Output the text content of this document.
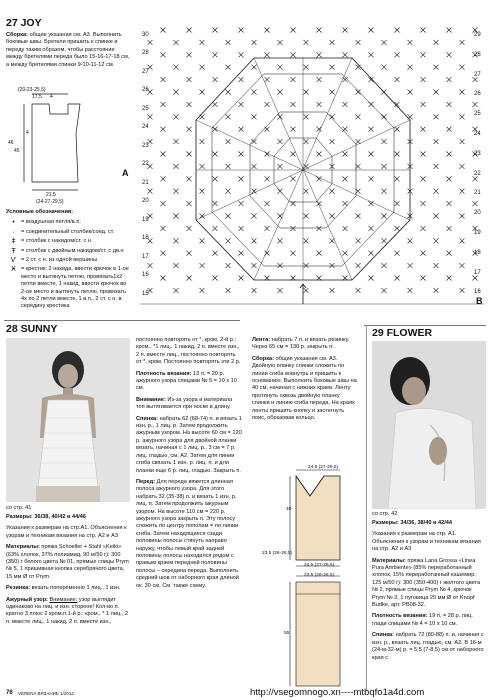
27 JOY

Сборка: общие указания см. А3. Выполнить боковые швы. Бретели пришить к спинке и переду таким образом, чтобы расстояние между бретелями переда было 15-16-17-18 см, а между бретелями спинки 9-10-11-12 см.

(20-23-25,5)
17,5 4
46
45
4
21,5
(24-27-29,5)
Условные обозначения:
•	= воздушная петля/в.п.
·	= соединительный столбик/соед. ст.
ǂ = столбик с накидом/ст. с н.
Ŧ = столбик с двойным накидом/ст. с дв.н
Ѵ = 2 ст. с н. из одной вершины
Ӿ = крестик: 2 накида, ввести крючок в 1-ое место и вытянуть петлю, провязать1х2 петли вместе, 1 накид, ввести крючок во 2-ое место и вытянуть петлю, провязать 4х по 2 петли вместе, 1 в.п., 2 ст. с н. в середину крестика
A
B
30
27
25
23
21
19
17
15
28
26
24
22
20
18
16
29
28
27
26
25
24
23
22
21
20
19
18
17
16
28 SUNNY
со стр. 41

Размеры: 36/38, 40/42 и 44/46

Указания к размерам на стр.А1. Объяснения к узорам и техникам вязания на стр. А2 и А3

Материалы: пряжа Schoeller + Stahl «Keiki» (63% хлопок, 37% полиамид, 90 м/50 г): 300 (350) г белого цвета № 01, прямые спицы Prym № 5, 1 пришивная кнопка серебряного цвета, 15 мм Ø от Prym.

Резинка: вязать попеременно 1 лиц., 1 изн.

Ажурный узор: Внимание: узор выглядит одинаково на лиц. и изн. стороне! Кол-во п. кратно 3 плюс 2 кром.п.1-й р.: кром., * 1 лиц., 2 п. вместе лиц., 1 накид, 2 п. вместе изн.,

постоянно повторять от *, кром. 2-й р.: кром., *1 лиц., 1 накид, 2 п. вместе изн., 2 п. вместе лиц., постоянно повторять от *, кром. Постоянно повторять эти 2 р.

Плотность вязания: 13 п. = 20 р. ажурного узора спицами № 5 = 10 х 10 см.

Внимание: Из-за узора и материала топ вытягивается при носке в длину.

Спинка: набрать 62 (68-74) п. и вязать 1 изн. р., 1 лиц. р. Затем продолжить ажурным узором. На высоте 60 см = 120 р. ажурного узора для двойной планки вязать, начиная с 1 лиц. р., 3 см = 7 р. лиц. гладью, см. А2. Затем для линии сгиба связать 1 изн. р. лиц. п. и для планки еще 6 р. лиц. гладью. Закрыть п.

Перед: Для переда вяжется длинная полоса ажурного узора. Для этого набрать 32 (35-38) п. и вязать 1 изн. р. лиц. п. Затем продолжить ажурным узором. На высоте 110 см = 220 р. ажурного узора закрыть п. Эту полосу сложить по центру пополам = по линии сгиба. Затем находящиеся сзади половины полосы стянуть направо наружу, чтобы левый край задней половины полосы находился рядом с правым краем передней половины полосы – середина переда. Выполнить средний шов от наборного края длиной ок. 30 см. См. также схему.

Лента: набрать 7 п. и вязать резинку. Через 65 см = 130 р. закрыть п.

Сборка: общие указания см. А3. Двойную планку спинки сложить по линии сгиба вовнутрь и пришить к основанию. Выполнить боковые швы на 40 см, начиная с нижних краев. Ленту протянуть сквозь двойную планку спинки и линию сгиба переда. На краях ленты пришить кнопку и застегнуть поис, образовав кольцо.

24,5 (27-29,5)
40
24,5 (27-29,5)
23,5 (26-28,5)
55
23,5 (26-28,5)
29 FLOWER
со стр. 42

Размеры: 34/36, 38/40 и 42/44

Указания к размерам на стр. А1. Объяснения к узорам и техникам вязания на стр. А2 и А3

Материалы: пряжа Lana Grossa «Linea Pura Ambiente» (85% переработанный хлопок, 15% переработанный кашемир, 125 м/50 г): 300 (350-400) г желтого цвета № 2, прямые спицы Prym № 4, крючок Prym № 3, 1 пуговица 20 мм Ø от Knopf Budke, арт. PB08-32.

Плотность вязания: 19 п. = 28 р. лиц. глади спицами № 4 = 10 х 10 см.

Спинка: набрать 72 (80-88) п. и, начиная с изн. р., вязать лиц. гладью, см. А2. В 16-м (24-м-32-м) р. = 5,5 (7-8,5) см от наборного края с

76 VERENA ВЯЗАНИЕ 1/2012	http://vsegomnogo.xn----mtbqfo1a4d.com
